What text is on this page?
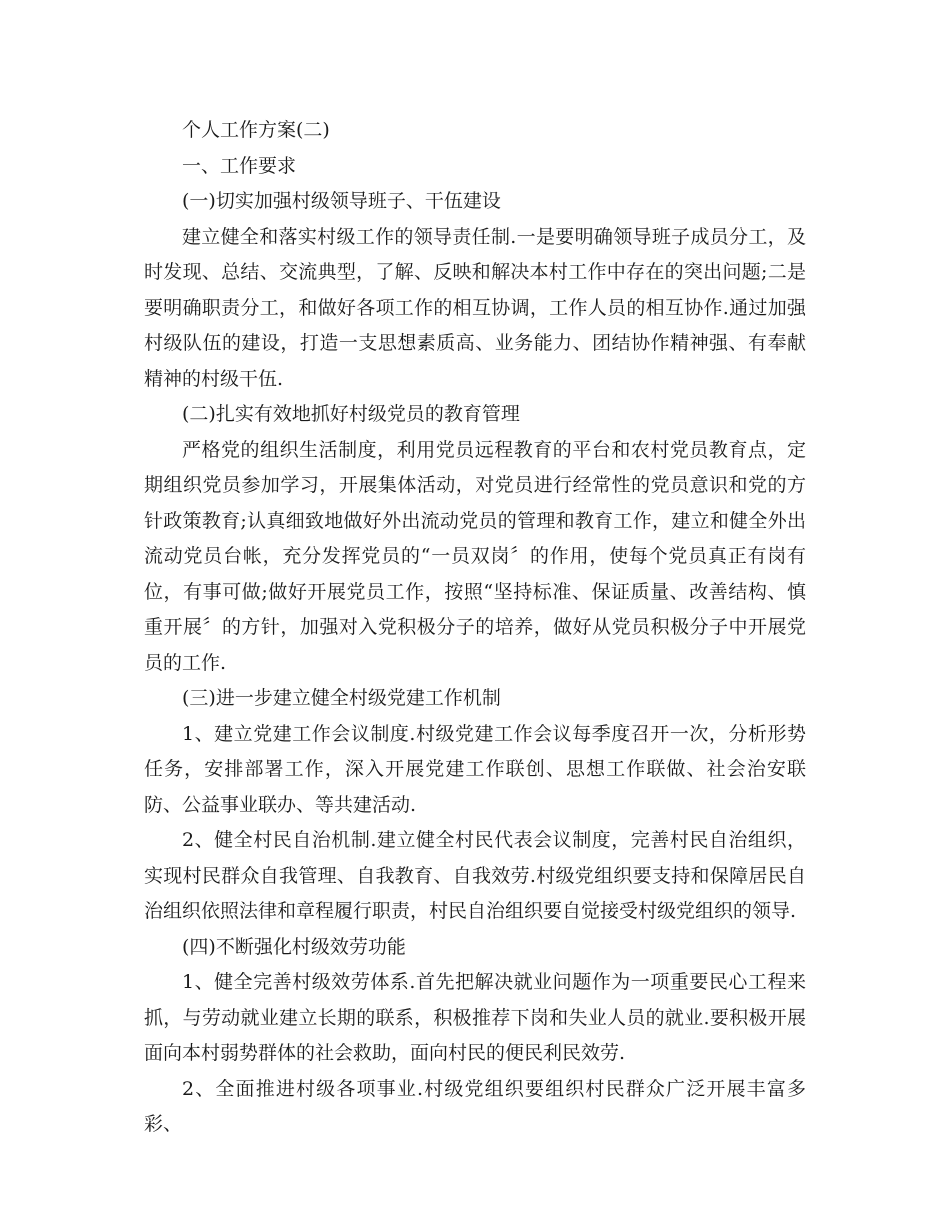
个人工作方案(二)

一、工作要求

(一)切实加强村级领导班子、干伍建设

建立健全和落实村级工作的领导责任制.一是要明确领导班子成员分工，及时发现、总结、交流典型，了解、反映和解决本村工作中存在的突出问题;二是要明确职责分工，和做好各项工作的相互协调，工作人员的相互协作.通过加强村级队伍的建设，打造一支思想素质高、业务能力、团结协作精神强、有奉献精神的村级干伍.

(二)扎实有效地抓好村级党员的教育管理

严格党的组织生活制度，利用党员远程教育的平台和农村党员教育点，定期组织党员参加学习，开展集体活动，对党员进行经常性的党员意识和党的方针政策教育;认真细致地做好外出流动党员的管理和教育工作，建立和健全外出流动党员台帐，充分发挥党员的“一员双岗〞的作用，使每个党员真正有岗有位，有事可做;做好开展党员工作，按照“坚持标准、保证质量、改善结构、慎重开展〞的方针，加强对入党积极分子的培养，做好从党员积极分子中开展党员的工作.

(三)进一步建立健全村级党建工作机制

1、建立党建工作会议制度.村级党建工作会议每季度召开一次，分析形势任务，安排部署工作，深入开展党建工作联创、思想工作联做、社会治安联防、公益事业联办、等共建活动.

2、健全村民自治机制.建立健全村民代表会议制度，完善村民自治组织，实现村民群众自我管理、自我教育、自我效劳.村级党组织要支持和保障居民自治组织依照法律和章程履行职责，村民自治组织要自觉接受村级党组织的领导.

(四)不断强化村级效劳功能

1、健全完善村级效劳体系.首先把解决就业问题作为一项重要民心工程来抓，与劳动就业建立长期的联系，积极推荐下岗和失业人员的就业.要积极开展面向本村弱势群体的社会救助，面向村民的便民利民效劳.

2、全面推进村级各项事业.村级党组织要组织村民群众广泛开展丰富多彩、
